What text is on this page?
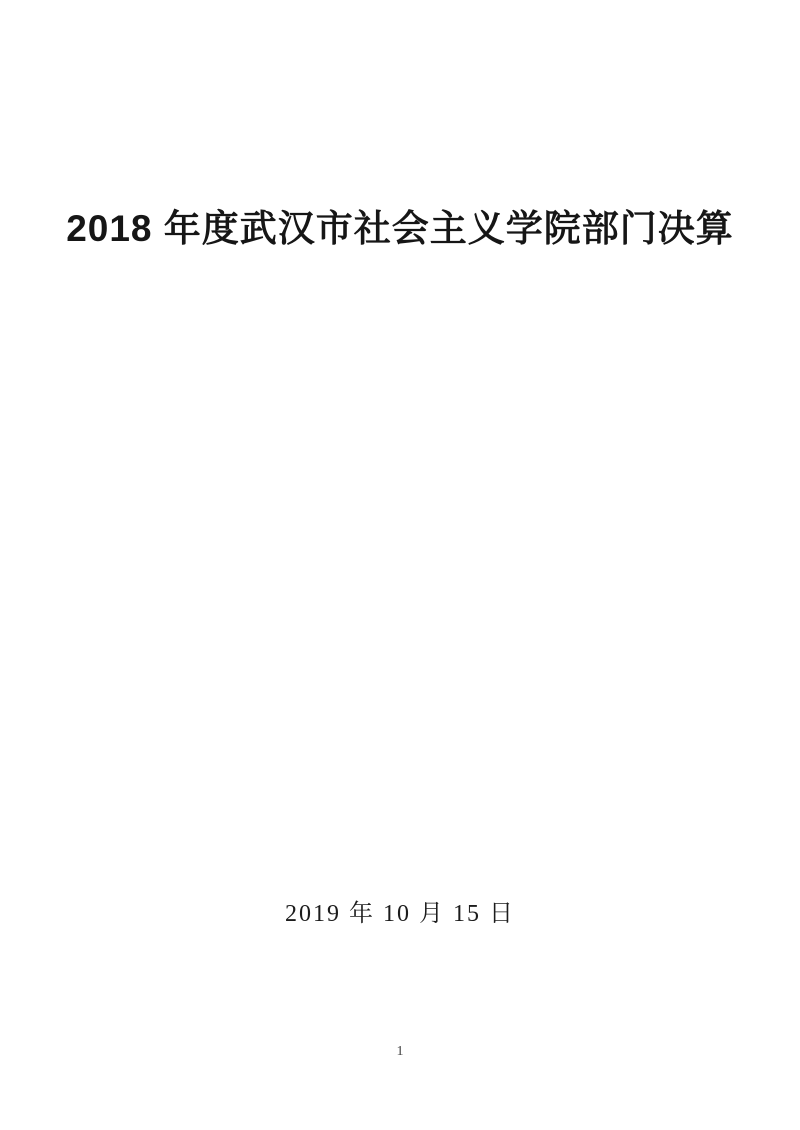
2018 年度武汉市社会主义学院部门决算
2019 年 10 月 15 日
1
